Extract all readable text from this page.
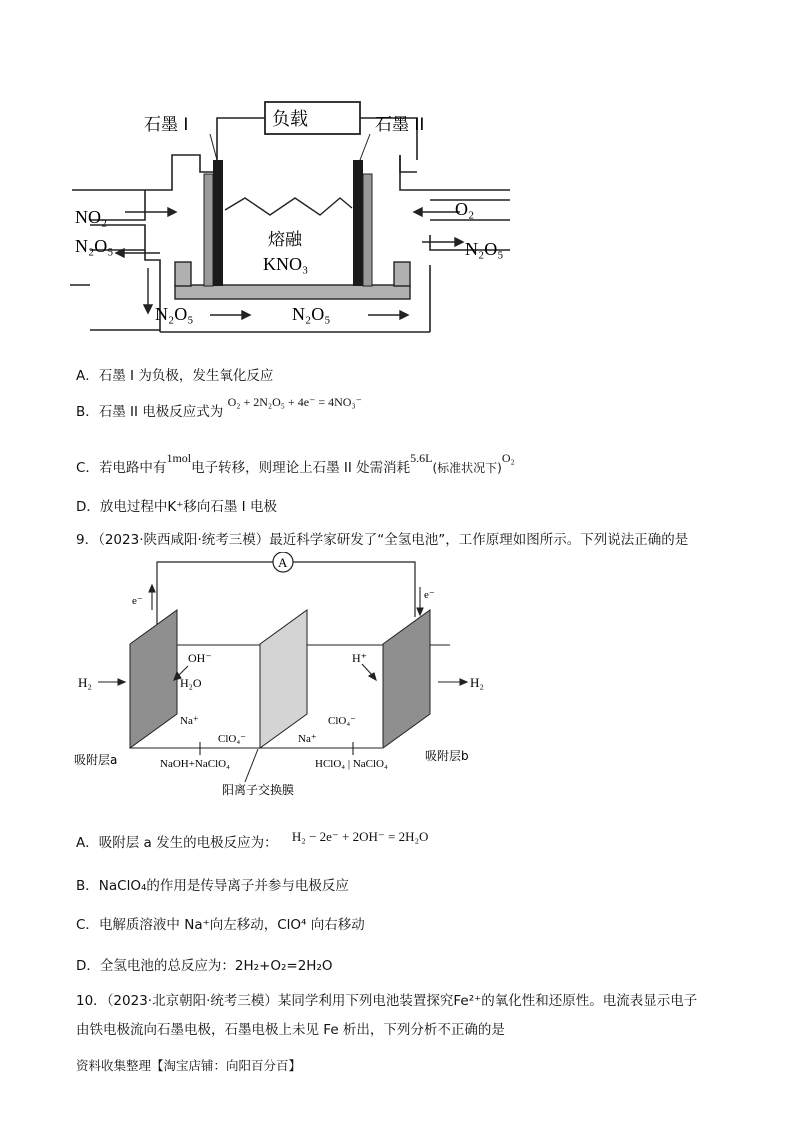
石墨 I	石墨 II
负载
NO₂
N₂O₅
O₂
N₂O₅
熔融
KNO₃
N₂O₅	N₂O₅
A．石墨 I 为负极，发生氧化反应
B．石墨 II 电极反应式为 O₂ + 2N₂O₅ + 4e⁻ = 4NO₃⁻
C．若电路中有1mol电子转移，则理论上石墨 II 处需消耗5.6L(标准状况下)O₂
D．放电过程中K⁺移向石墨 I 电极
9．（2023·陕西咸阳·统考三模）最近科学家研发了“全氢电池”，工作原理如图所示。下列说法正确的是
A
e⁻	e⁻
H₂	H₂
OH⁻
H₂O
H⁺
Na⁺
ClO₄⁻
ClO₄⁻
Na⁺
NaOH+NaClO₄	HClO₄ | NaClO₄
吸附层a	吸附层b
阳离子交换膜
A．吸附层 a 发生的电极反应为： H₂ − 2e⁻ + 2OH⁻ = 2H₂O
B．NaClO₄的作用是传导离子并参与电极反应
C．电解质溶液中 Na⁺向左移动，ClO⁴ 向右移动
D．全氢电池的总反应为：2H₂+O₂=2H₂O
10．（2023·北京朝阳·统考三模）某同学利用下列电池装置探究Fe²⁺的氧化性和还原性。电流表显示电子
由铁电极流向石墨电极，石墨电极上未见 Fe 析出，下列分析不正确的是
资料收集整理【淘宝店铺：向阳百分百】
